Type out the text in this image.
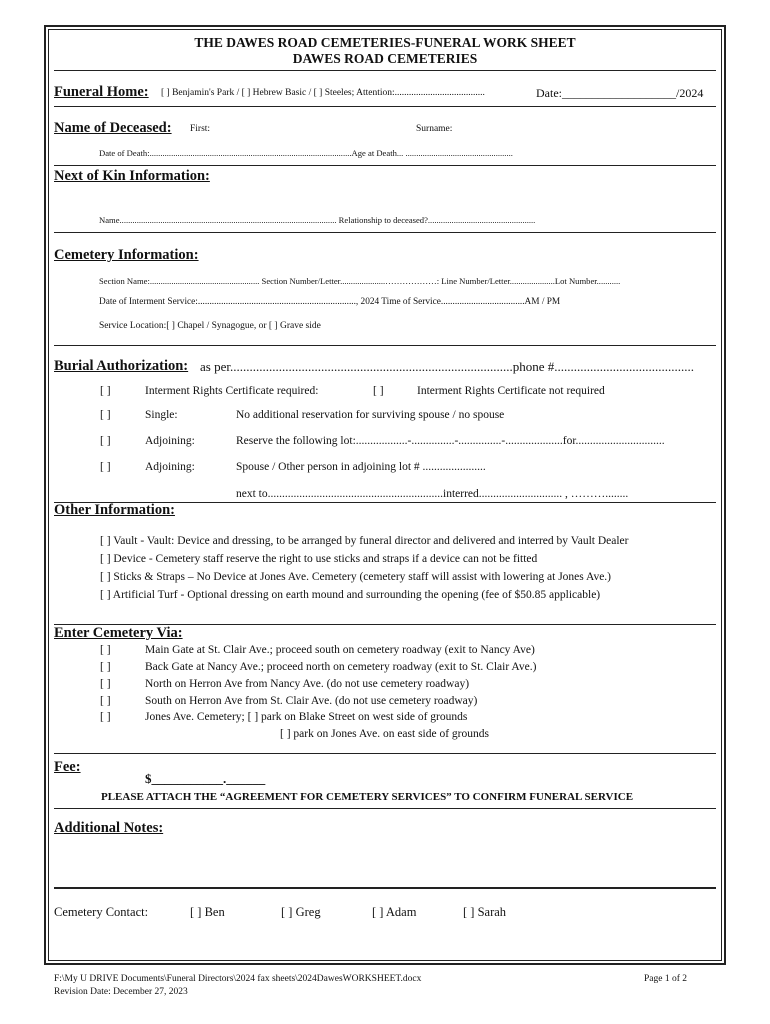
THE DAWES ROAD CEMETERIES-FUNERAL WORK SHEET
DAWES ROAD CEMETERIES
Funeral Home: [ ] Benjamin's Park / [ ] Hebrew Basic / [ ] Steeles; Attention:......................................	Date:___________________/2024
Name of Deceased: First:	Surname:
Date of Death:..............................................................................................Age at Death... ..................................................
Next of Kin Information:
Name..................................................................................................... Relationship to deceased?..................................................
Cemetery Information:
Section Name:................................................... Section Number/Letter.....................………………: Line Number/Letter.....................Lot Number...........
Date of Interment Service:...................................................................., 2024 Time of Service....................................AM / PM
Service Location:[ ] Chapel / Synagogue, or [ ] Grave side
Burial Authorization: as per.......................................................................................phone #...........................................
[ ]	Interment Rights Certificate required:	[ ]	Interment Rights Certificate not required
[ ]	Single:	No additional reservation for surviving spouse / no spouse
[ ]	Adjoining:	Reserve the following lot:..................-...............-...............-....................for...............................
[ ]	Adjoining:	Spouse / Other person in adjoining lot # ......................
next to.............................................................interred............................. , ………........
Other Information:
[ ] Vault - Vault: Device and dressing, to be arranged by funeral director and delivered and interred by Vault Dealer
[ ] Device - Cemetery staff reserve the right to use sticks and straps if a device can not be fitted
[ ] Sticks & Straps – No Device at Jones Ave. Cemetery (cemetery staff will assist with lowering at Jones Ave.)
[ ] Artificial Turf - Optional dressing on earth mound and surrounding the opening (fee of $50.85 applicable)
Enter Cemetery Via:
[ ]	Main Gate at St. Clair Ave.; proceed south on cemetery roadway (exit to Nancy Ave)
[ ]	Back Gate at Nancy Ave.; proceed north on cemetery roadway (exit to St. Clair Ave.)
[ ]	North on Herron Ave from Nancy Ave. (do not use cemetery roadway)
[ ]	South on Herron Ave from St. Clair Ave. (do not use cemetery roadway)
[ ]	Jones Ave. Cemetery; [ ] park on Blake Street on west side of grounds
[ ] park on Jones Ave. on east side of grounds
Fee:
$___________.______
PLEASE ATTACH THE “AGREEMENT FOR CEMETERY SERVICES” TO CONFIRM FUNERAL SERVICE
Additional Notes:
Cemetery Contact:	[ ] Ben	[ ] Greg	[ ] Adam	[ ] Sarah
F:\My U DRIVE Documents\Funeral Directors\2024 fax sheets\2024DawesWORKSHEET.docx
Revision Date: December 27, 2023
Page 1 of 2
